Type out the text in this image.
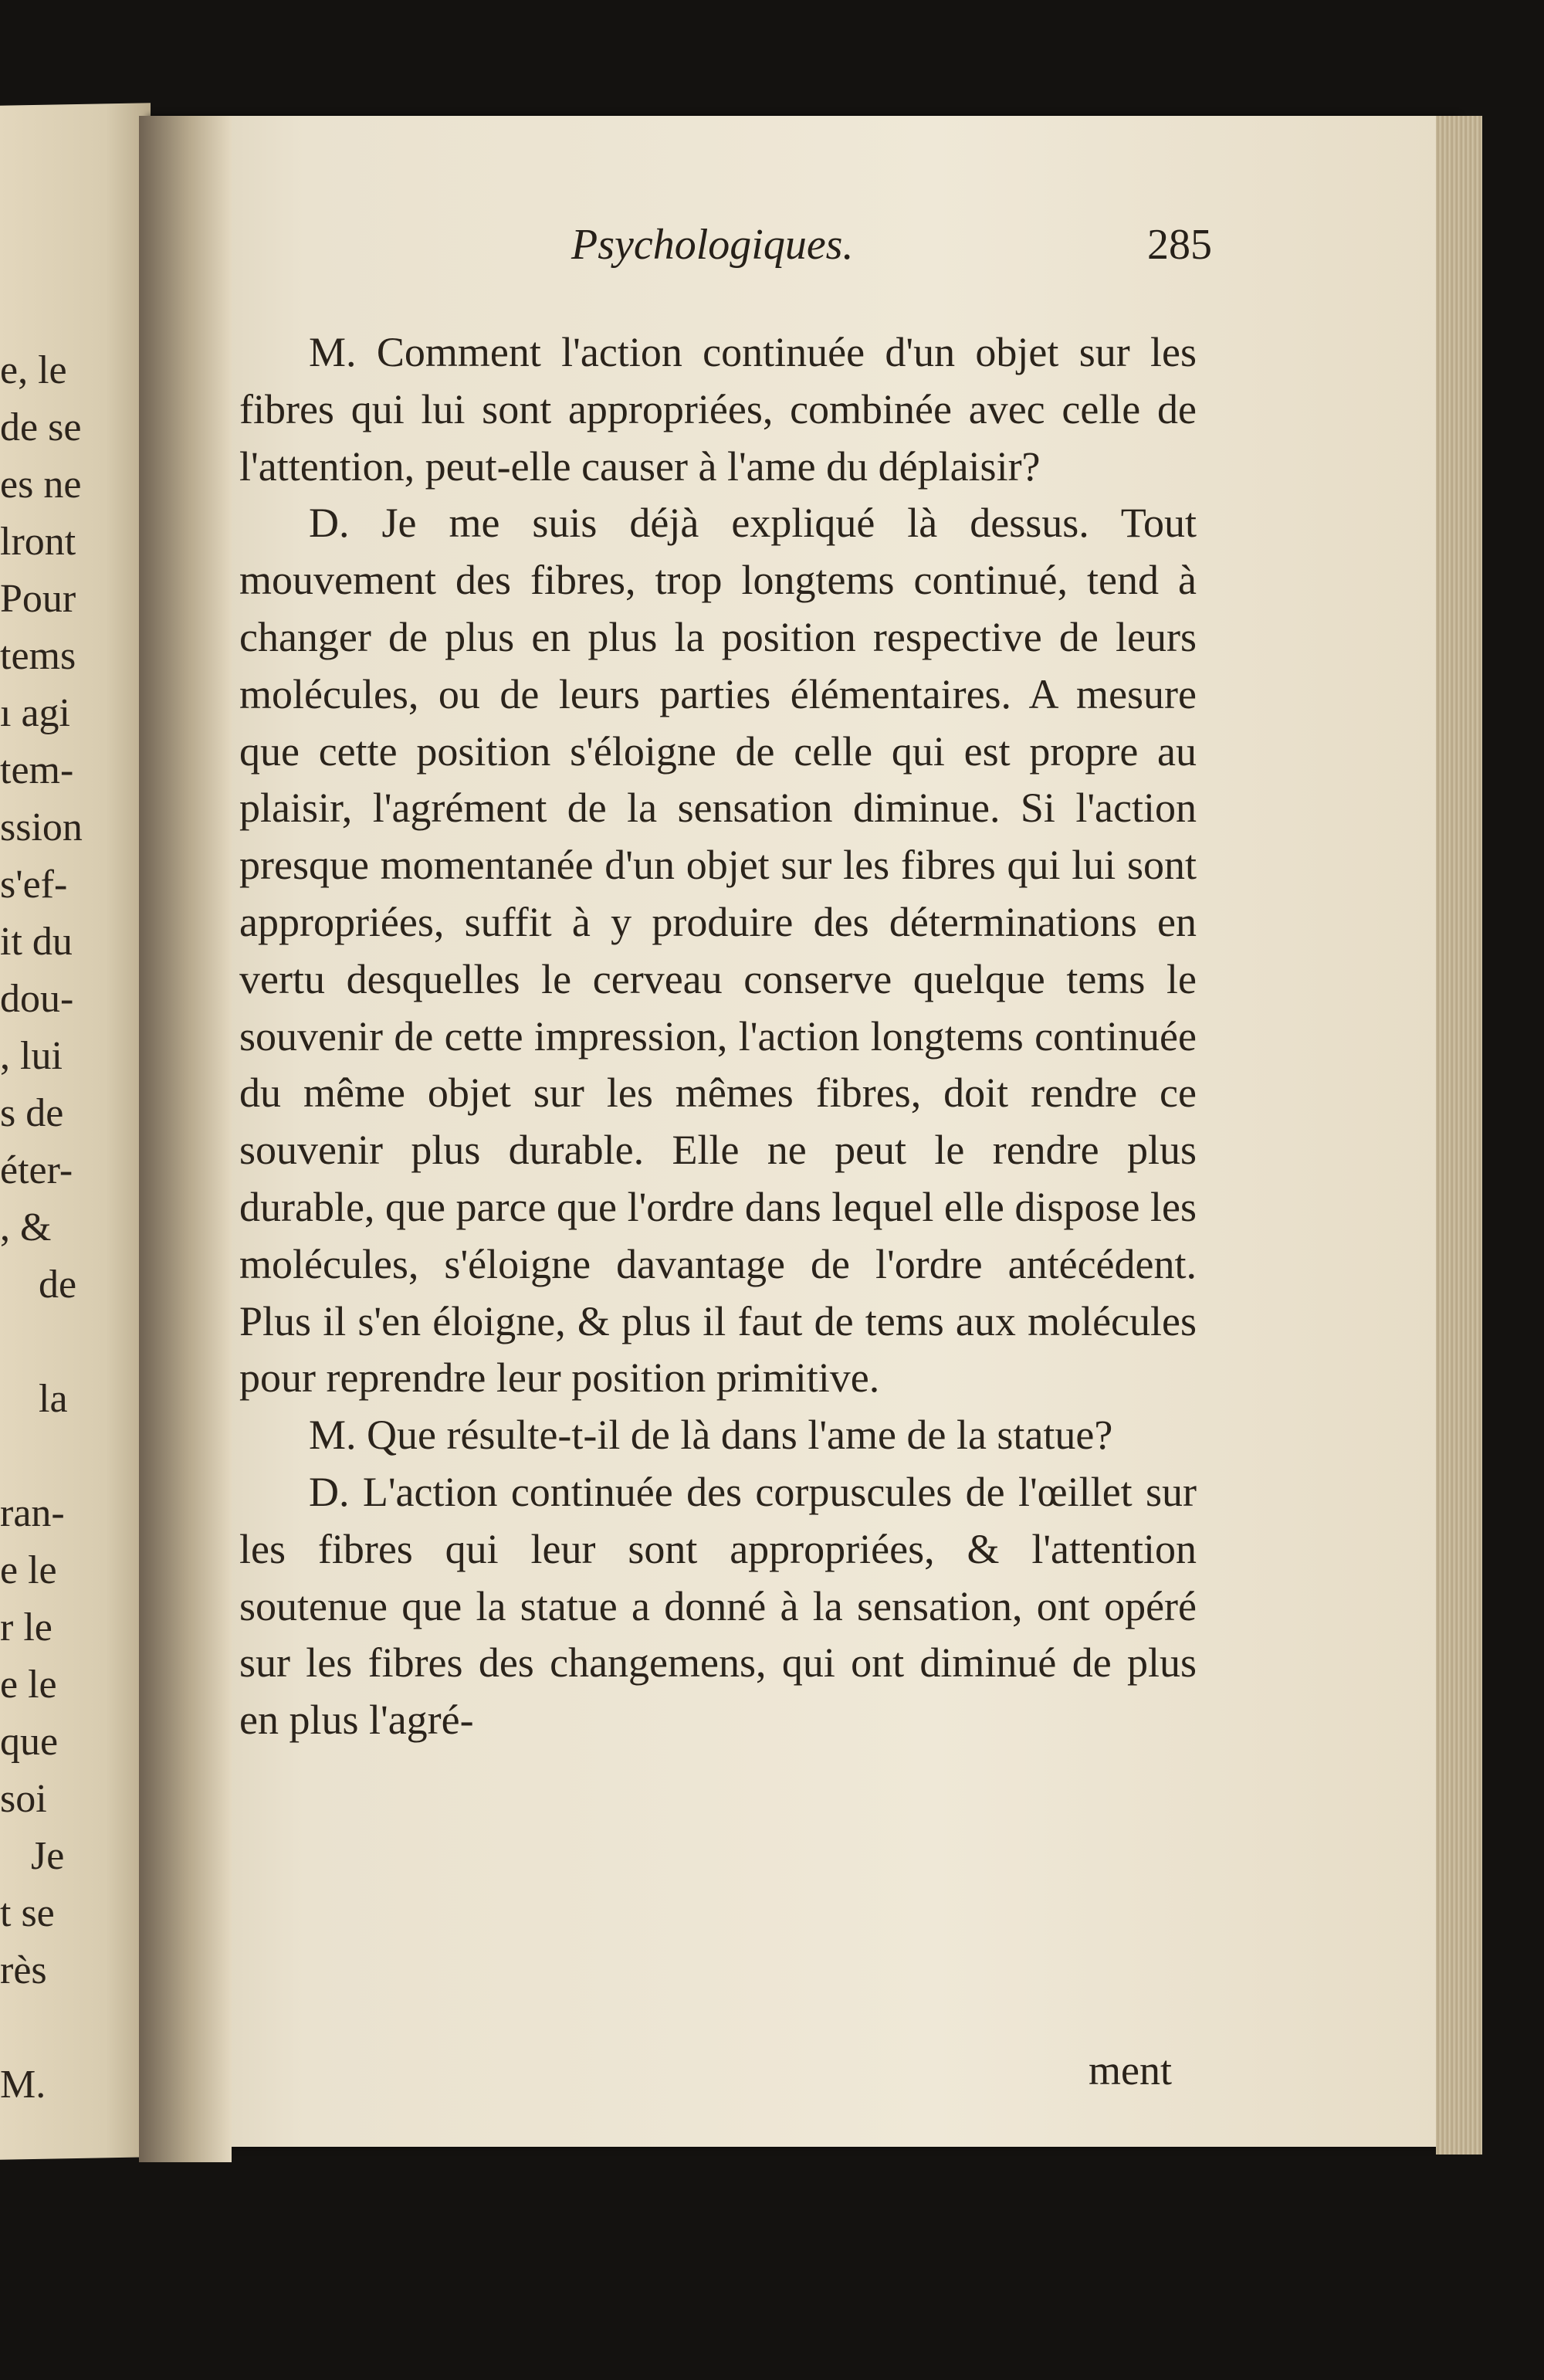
e, le
de se
es ne
lront
Pour
tems
ı agi
tem-
ssion
s'ef-
it du
dou-
, lui
s de
éter-
, &
de
la
ran-
e le
r le
e le
que
soi
Je
t se
rès
M.
Psychologiques.	285

M. Comment l'action continuée d'un objet sur les fibres qui lui sont appropriées, combinée avec celle de l'attention, peut-elle causer à l'ame du déplaisir?

D. Je me suis déjà expliqué là dessus. Tout mouvement des fibres, trop longtems continué, tend à changer de plus en plus la position respective de leurs molécules, ou de leurs parties élémentaires. A mesure que cette position s'éloigne de celle qui est propre au plaisir, l'agrément de la sensation diminue. Si l'action presque momentanée d'un objet sur les fibres qui lui sont appropriées, suffit à y produire des déterminations en vertu desquelles le cerveau conserve quelque tems le souvenir de cette impression, l'action longtems continuée du même objet sur les mêmes fibres, doit rendre ce souvenir plus durable. Elle ne peut le rendre plus durable, que parce que l'ordre dans lequel elle dispose les molécules, s'éloigne davantage de l'ordre antécédent. Plus il s'en éloigne, & plus il faut de tems aux molécules pour reprendre leur position primitive.

M. Que résulte-t-il de là dans l'ame de la statue?

D. L'action continuée des corpuscules de l'œillet sur les fibres qui leur sont appropriées, & l'attention soutenue que la statue a donné à la sensation, ont opéré sur les fibres des changemens, qui ont diminué de plus en plus l'agré-

ment
